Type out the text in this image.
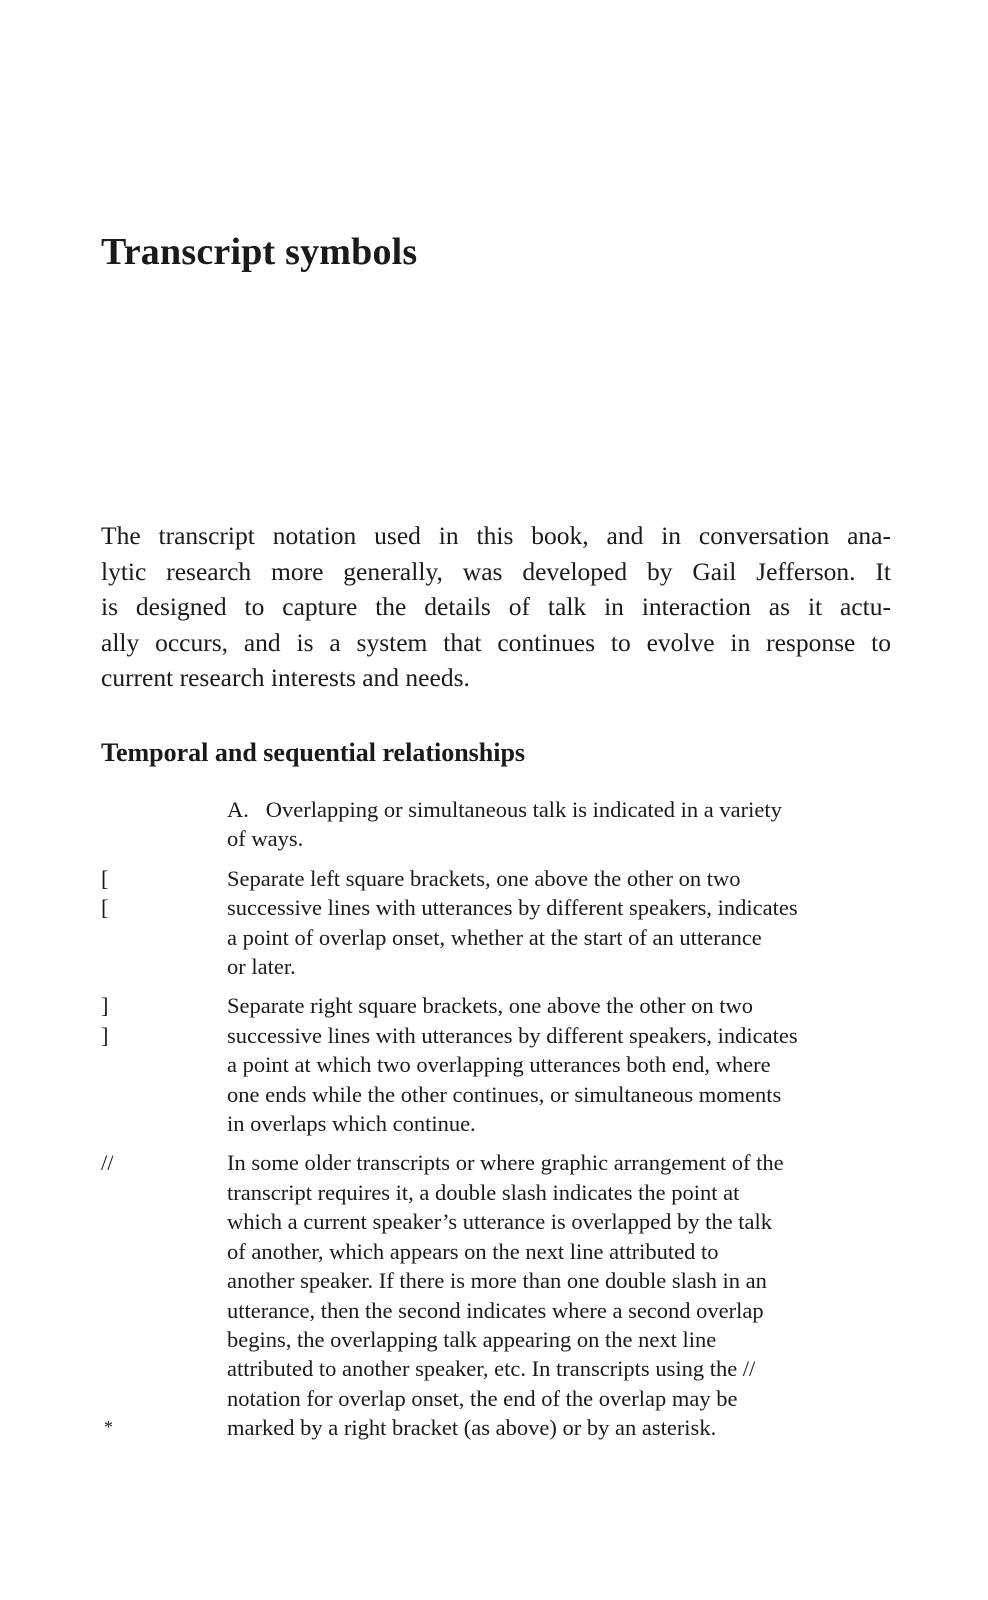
Transcript symbols

The transcript notation used in this book, and in conversation ana-
lytic research more generally, was developed by Gail Jefferson. It
is designed to capture the details of talk in interaction as it actu-
ally occurs, and is a system that continues to evolve in response to
current research interests and needs.

Temporal and sequential relationships
A.   Overlapping or simultaneous talk is indicated in a variety
of ways.
[
[
Separate left square brackets, one above the other on two
successive lines with utterances by different speakers, indicates
a point of overlap onset, whether at the start of an utterance
or later.
]
]
Separate right square brackets, one above the other on two
successive lines with utterances by different speakers, indicates
a point at which two overlapping utterances both end, where
one ends while the other continues, or simultaneous moments
in overlaps which continue.
//
*
In some older transcripts or where graphic arrangement of the
transcript requires it, a double slash indicates the point at
which a current speaker’s utterance is overlapped by the talk
of another, which appears on the next line attributed to
another speaker. If there is more than one double slash in an
utterance, then the second indicates where a second overlap
begins, the overlapping talk appearing on the next line
attributed to another speaker, etc. In transcripts using the //
notation for overlap onset, the end of the overlap may be
marked by a right bracket (as above) or by an asterisk.
